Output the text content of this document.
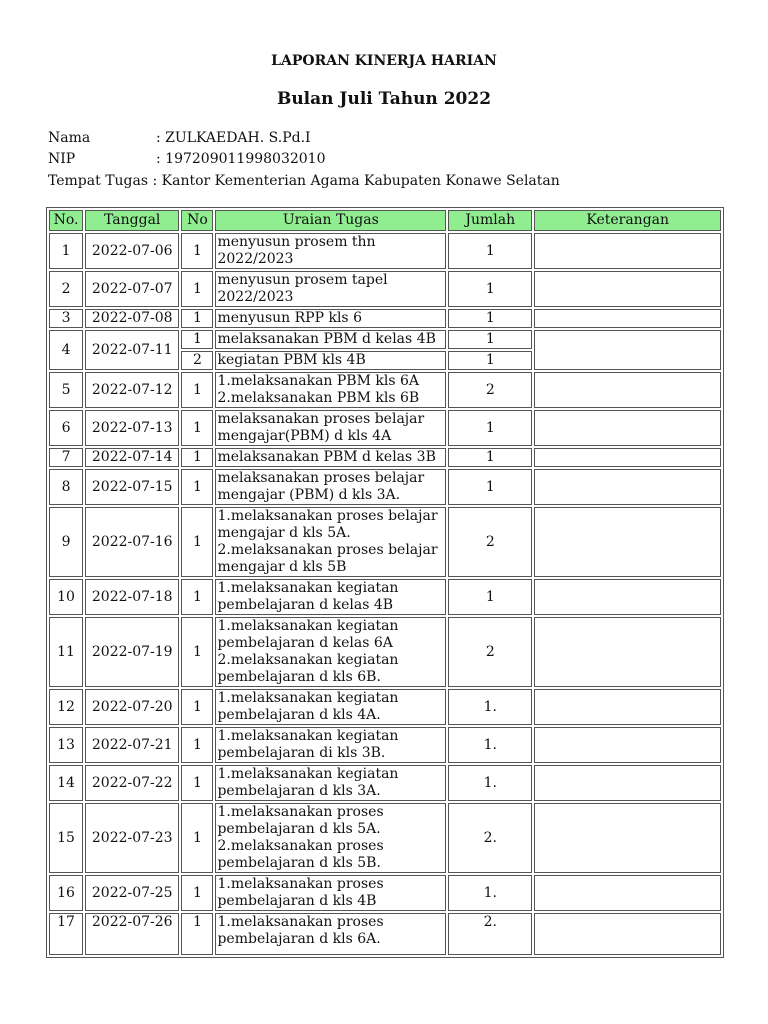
LAPORAN KINERJA HARIAN
Bulan Juli Tahun 2022
Nama	: ZULKAEDAH. S.Pd.I
NIP	: 197209011998032010
Tempat Tugas : Kantor Kementerian Agama Kabupaten Konawe Selatan
No.	Tanggal	No	Uraian Tugas	Jumlah	Keterangan
1	2022-07-06	1	menyusun prosem thn 2022/2023	1	
2	2022-07-07	1	menyusun prosem tapel 2022/2023	1	
3	2022-07-08	1	menyusun RPP kls 6	1	
4	2022-07-11	1	melaksanakan PBM d kelas 4B	1	
		2	kegiatan PBM kls 4B	1	
5	2022-07-12	1	1.melaksanakan PBM kls 6A
2.melaksanakan PBM kls 6B	2	
6	2022-07-13	1	melaksanakan proses belajar mengajar(PBM) d kls 4A	1	
7	2022-07-14	1	melaksanakan PBM d kelas 3B	1	
8	2022-07-15	1	melaksanakan proses belajar mengajar (PBM) d kls 3A.	1	
9	2022-07-16	1	1.melaksanakan proses belajar mengajar d kls 5A.
2.melaksanakan proses belajar mengajar d kls 5B	2	
10	2022-07-18	1	1.melaksanakan kegiatan pembelajaran d kelas 4B	1	
11	2022-07-19	1	1.melaksanakan kegiatan pembelajaran d kelas 6A
2.melaksanakan kegiatan pembelajaran d kls 6B.	2	
12	2022-07-20	1	1.melaksanakan kegiatan pembelajaran d kls 4A.	1.	
13	2022-07-21	1	1.melaksanakan kegiatan pembelajaran di kls 3B.	1.	
14	2022-07-22	1	1.melaksanakan kegiatan pembelajaran d kls 3A.	1.	
15	2022-07-23	1	1.melaksanakan proses pembelajaran d kls 5A.
2.melaksanakan proses pembelajaran d kls 5B.	2.	
16	2022-07-25	1	1.melaksanakan proses pembelajaran d kls 4B	1.	
17	2022-07-26	1	1.melaksanakan proses pembelajaran d kls 6A.	2.	
